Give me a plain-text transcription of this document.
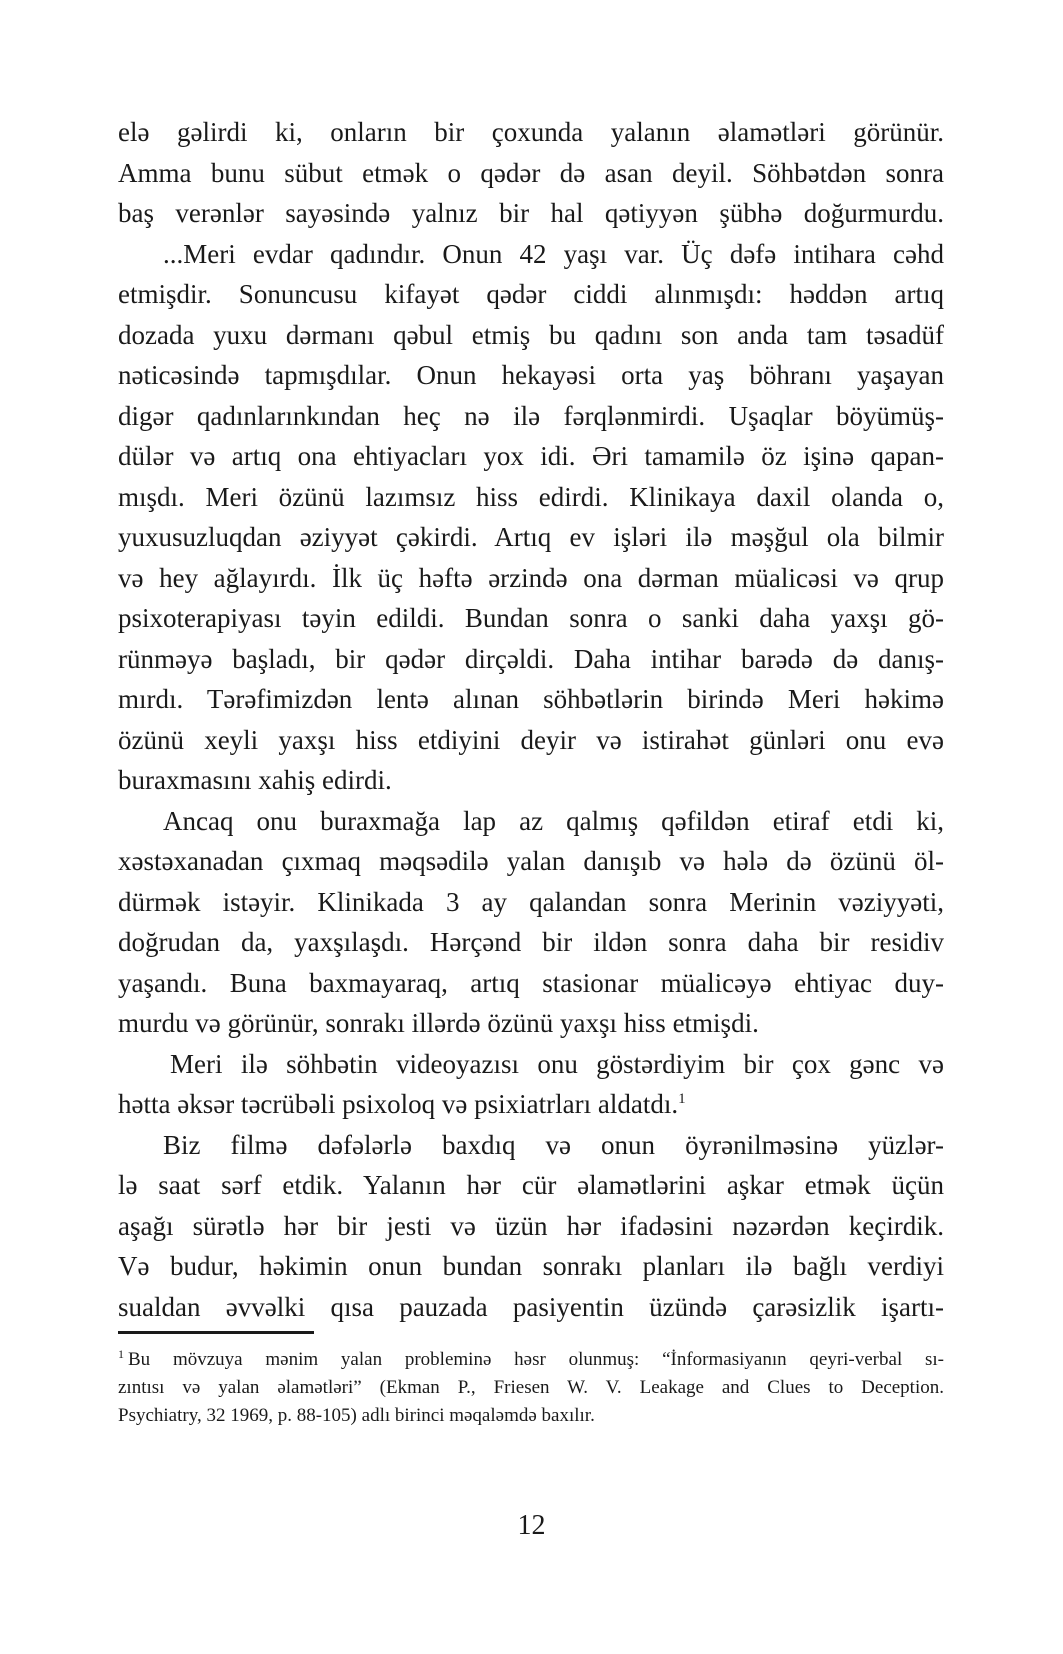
elə gəlirdi ki, onların bir çoxunda yalanın əlamətləri görünür.
Amma bunu sübut etmək o qədər də asan deyil. Söhbətdən sonra
baş verənlər sayəsində yalnız bir hal qətiyyən şübhə doğurmurdu.
...Meri evdar qadındır. Onun 42 yaşı var. Üç dəfə intihara cəhd
etmişdir. Sonuncusu kifayət qədər ciddi alınmışdı: həddən artıq
dozada yuxu dərmanı qəbul etmiş bu qadını son anda tam təsadüf
nəticəsində tapmışdılar. Onun hekayəsi orta yaş böhranı yaşayan
digər qadınlarınkından heç nə ilə fərqlənmirdi. Uşaqlar böyümüş-
dülər və artıq ona ehtiyacları yox idi. Əri tamamilə öz işinə qapan-
mışdı. Meri özünü lazımsız hiss edirdi. Klinikaya daxil olanda o,
yuxusuzluqdan əziyyət çəkirdi. Artıq ev işləri ilə məşğul ola bilmir
və hey ağlayırdı. İlk üç həftə ərzində ona dərman müalicəsi və qrup
psixoterapiyası təyin edildi. Bundan sonra o sanki daha yaxşı gö-
rünməyə başladı, bir qədər dirçəldi. Daha intihar barədə də danış-
mırdı. Tərəfimizdən lentə alınan söhbətlərin birində Meri həkimə
özünü xeyli yaxşı hiss etdiyini deyir və istirahət günləri onu evə
buraxmasını xahiş edirdi.
Ancaq onu buraxmağa lap az qalmış qəfildən etiraf etdi ki,
xəstəxanadan çıxmaq məqsədilə yalan danışıb və hələ də özünü öl-
dürmək istəyir. Klinikada 3 ay qalandan sonra Merinin vəziyyəti,
doğrudan da, yaxşılaşdı. Hərçənd bir ildən sonra daha bir residiv
yaşandı. Buna baxmayaraq, artıq stasionar müalicəyə ehtiyac duy-
murdu və görünür, sonrakı illərdə özünü yaxşı hiss etmişdi.
Meri ilə söhbətin videoyazısı onu göstərdiyim bir çox gənc və
hətta əksər təcrübəli psixoloq və psixiatrları aldatdı.$^1$
Biz filmə dəfələrlə baxdıq və onun öyrənilməsinə yüzlər-
lə saat sərf etdik. Yalanın hər cür əlamətlərini aşkar etmək üçün
aşağı sürətlə hər bir jesti və üzün hər ifadəsini nəzərdən keçirdik.
Və budur, həkimin onun bundan sonrakı planları ilə bağlı verdiyi
sualdan əvvəlki qısa pauzada pasiyentin üzündə çarəsizlik işartı-
$^1$ Bu mövzuya mənim yalan probleminə həsr olunmuş: “İnformasiyanın qeyri-verbal sı-
zıntısı və yalan əlamətləri” (Ekman P., Friesen W. V. Leakage and Clues to Deception.
Psychiatry, 32 1969, p. 88-105) adlı birinci məqaləmdə baxılır.
12
